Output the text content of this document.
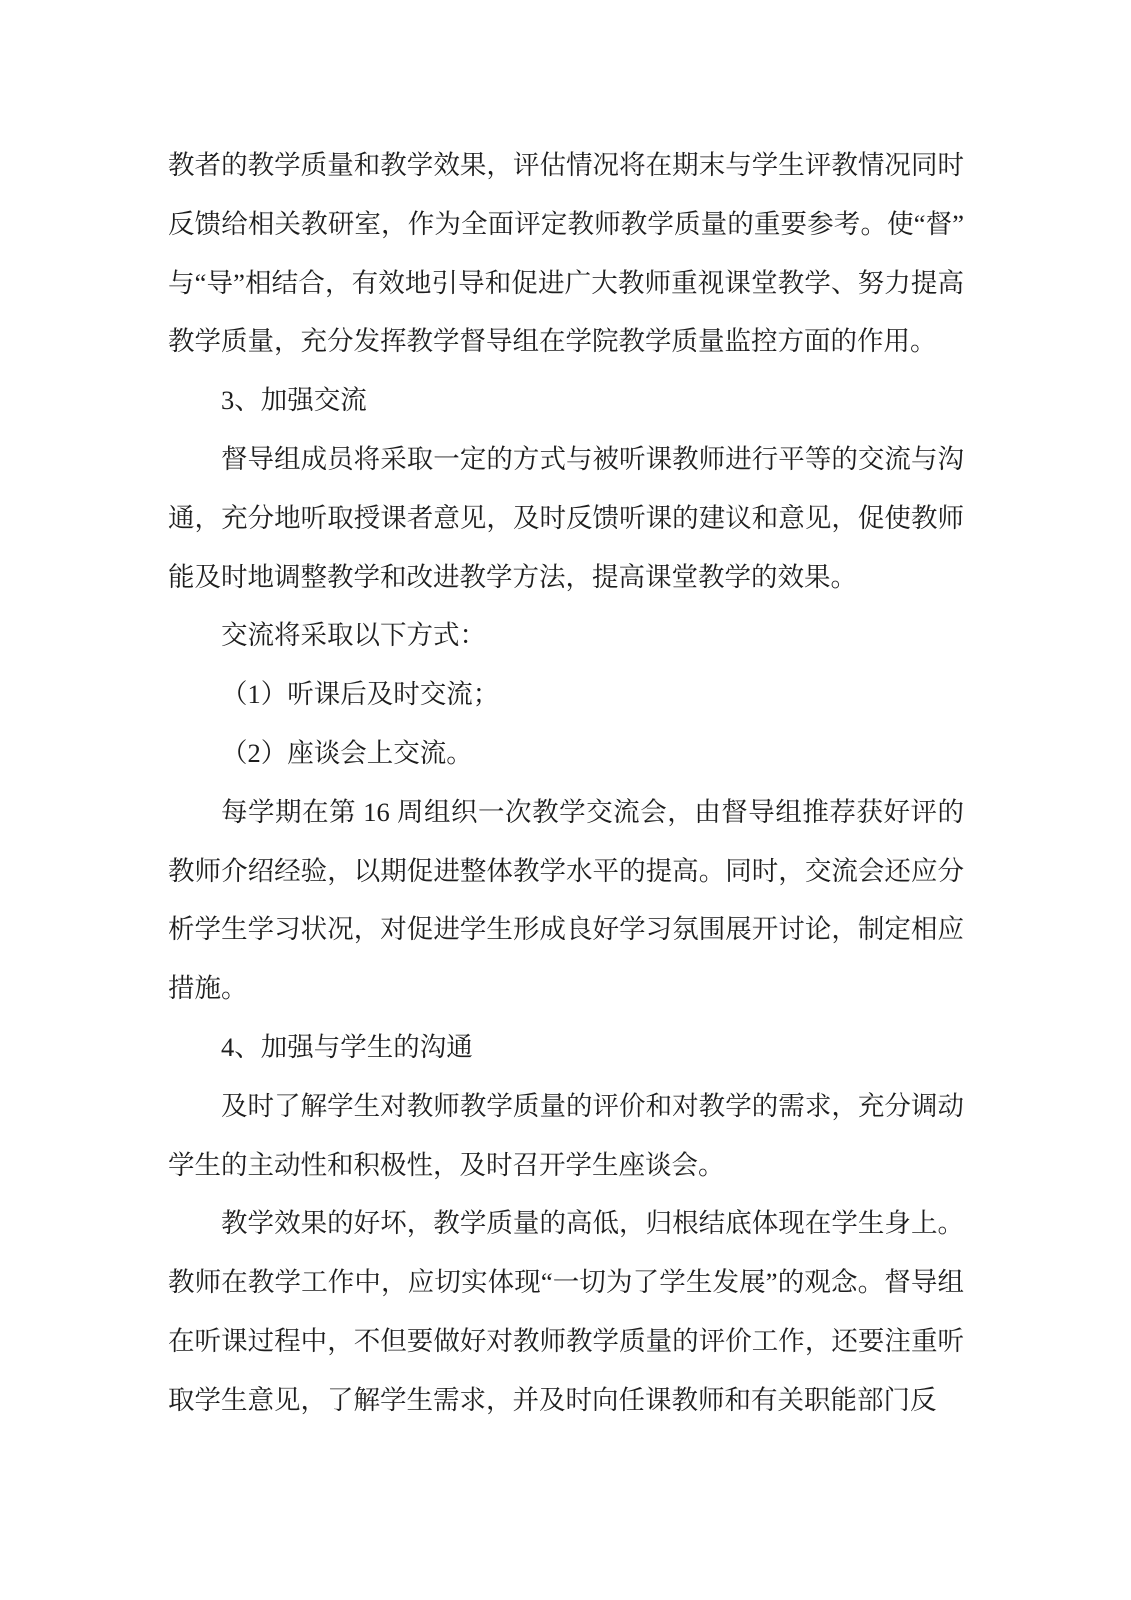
教者的教学质量和教学效果，评估情况将在期末与学生评教情况同时反馈给相关教研室，作为全面评定教师教学质量的重要参考。使“督”与“导”相结合，有效地引导和促进广大教师重视课堂教学、努力提高教学质量，充分发挥教学督导组在学院教学质量监控方面的作用。

3、加强交流

督导组成员将采取一定的方式与被听课教师进行平等的交流与沟通，充分地听取授课者意见，及时反馈听课的建议和意见，促使教师能及时地调整教学和改进教学方法，提高课堂教学的效果。

交流将采取以下方式：

（1）听课后及时交流；

（2）座谈会上交流。

每学期在第 16 周组织一次教学交流会，由督导组推荐获好评的教师介绍经验，以期促进整体教学水平的提高。同时，交流会还应分析学生学习状况，对促进学生形成良好学习氛围展开讨论，制定相应措施。

4、加强与学生的沟通

及时了解学生对教师教学质量的评价和对教学的需求，充分调动学生的主动性和积极性，及时召开学生座谈会。

教学效果的好坏，教学质量的高低，归根结底体现在学生身上。教师在教学工作中，应切实体现“一切为了学生发展”的观念。督导组在听课过程中，不但要做好对教师教学质量的评价工作，还要注重听取学生意见，了解学生需求，并及时向任课教师和有关职能部门反
